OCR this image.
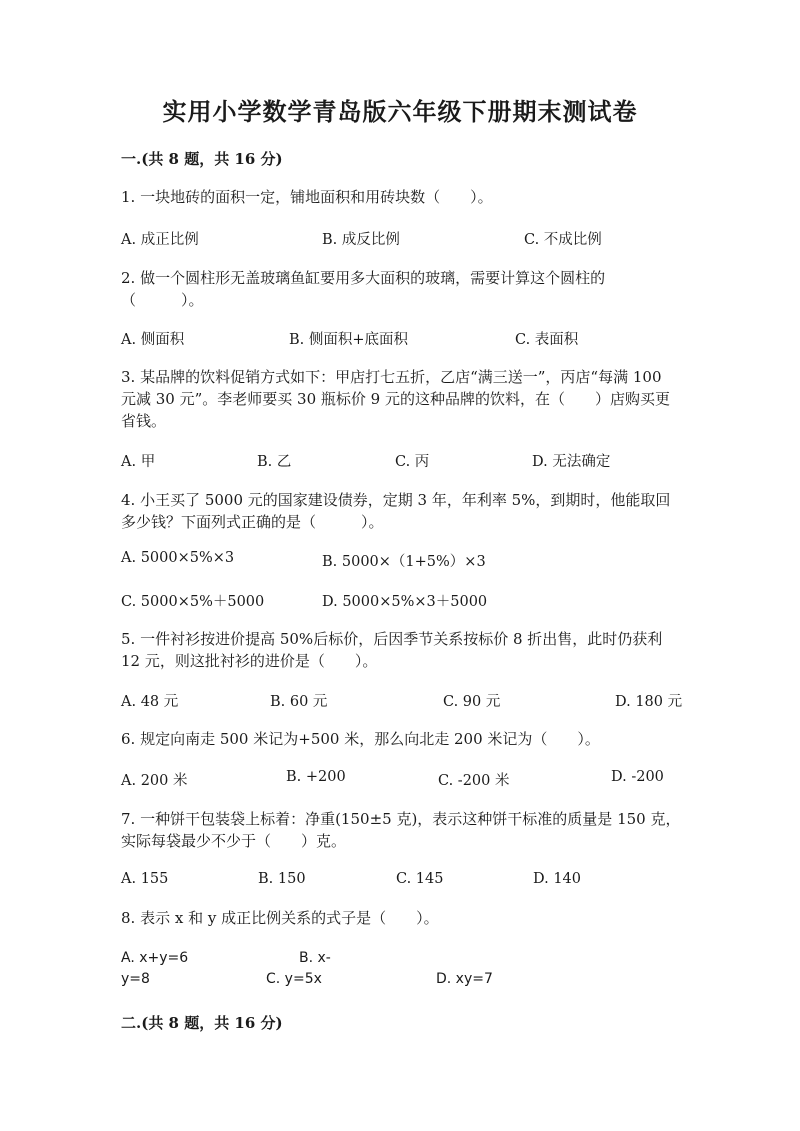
实用小学数学青岛版六年级下册期末测试卷
一.(共 8 题，共 16 分)
1. 一块地砖的面积一定，铺地面积和用砖块数（　　）。
A. 成正比例	B. 成反比例	C. 不成比例
2. 做一个圆柱形无盖玻璃鱼缸要用多大面积的玻璃，需要计算这个圆柱的（　　　）。
A. 侧面积	B. 侧面积+底面积	C. 表面积
3. 某品牌的饮料促销方式如下：甲店打七五折，乙店“满三送一”，丙店“每满 100 元减 30 元”。李老师要买 30 瓶标价 9 元的这种品牌的饮料，在（　　）店购买更省钱。
A. 甲	B. 乙	C. 丙	D. 无法确定
4. 小王买了 5000 元的国家建设债券，定期 3 年，年利率 5%，到期时，他能取回多少钱？下面列式正确的是（　　　）。
A. 5000×5%×3	B. 5000×（1+5%）×3
C. 5000×5%＋5000	D. 5000×5%×3＋5000
5. 一件衬衫按进价提高 50%后标价，后因季节关系按标价 8 折出售，此时仍获利 12 元，则这批衬衫的进价是（　　）。
A. 48 元	B. 60 元	C. 90 元	D. 180 元
6. 规定向南走 500 米记为+500 米，那么向北走 200 米记为（　　）。
A. 200 米	B. +200	C. -200 米	D. -200
7. 一种饼干包装袋上标着：净重(150±5 克)，表示这种饼干标准的质量是 150 克，实际每袋最少不少于（　　）克。
A. 155	B. 150	C. 145	D. 140
8. 表示 x 和 y 成正比例关系的式子是（　　）。
A. x+y=6	B. x-
y=8	C. y=5x	D. xy=7
二.(共 8 题，共 16 分)
